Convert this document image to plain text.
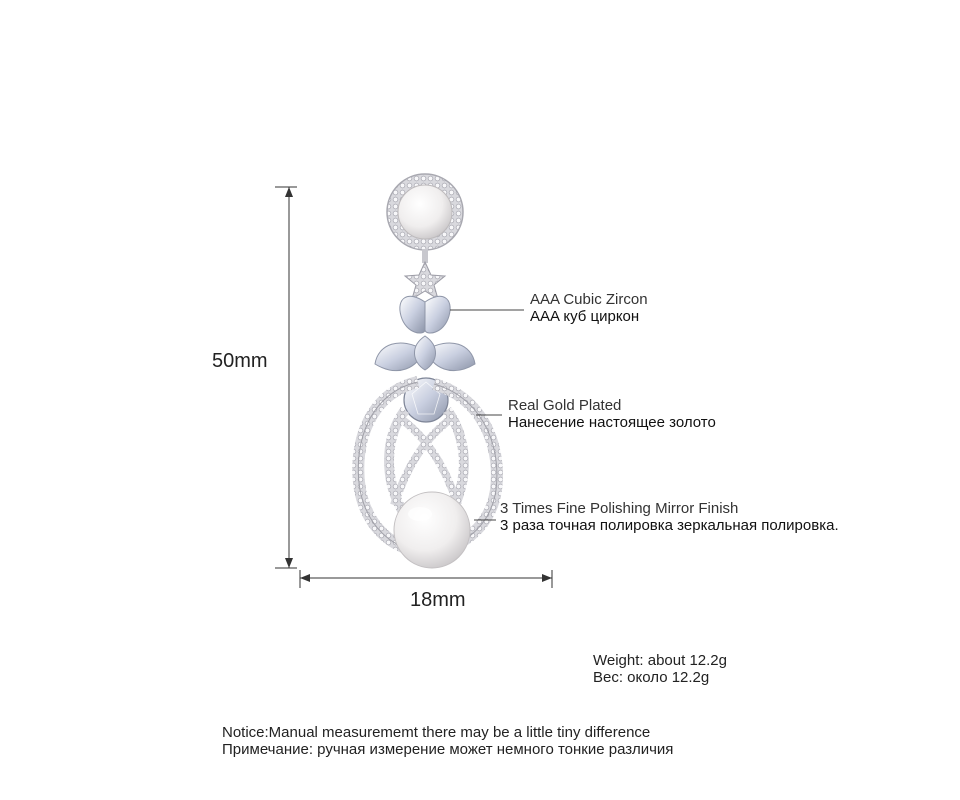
50mm
18mm
AAA Cubic Zircon
AAA куб циркон
Real Gold Plated
Нанесение настоящее золото
3 Times Fine Polishing Mirror Finish
3 раза точная полировка зеркальная полировка.
Weight: about 12.2g
Вес: около 12.2g
Notice:Manual measurememt there may be a little tiny difference
Примечание: ручная измерение может немного тонкие различия
